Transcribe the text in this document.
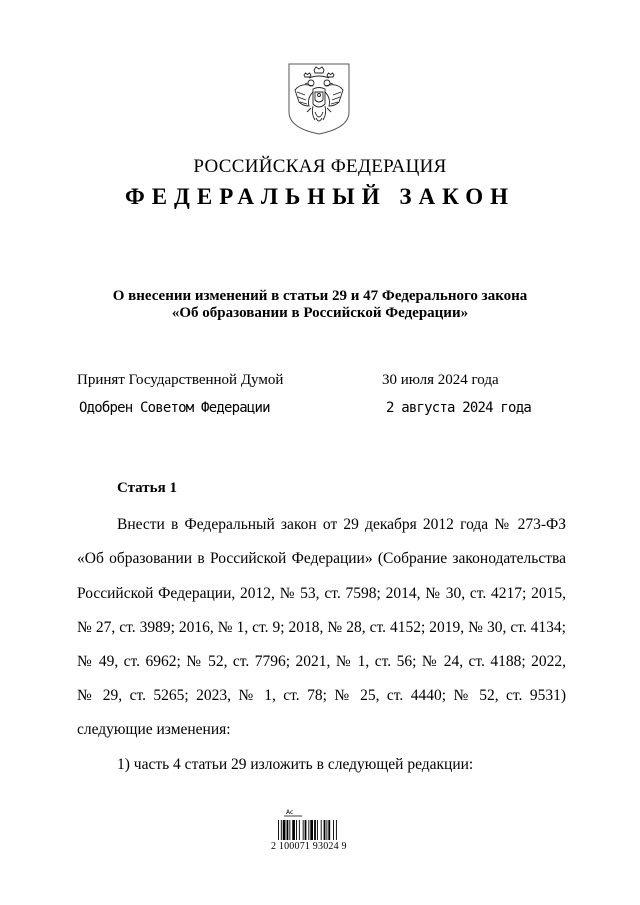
РОССИЙСКАЯ ФЕДЕРАЦИЯ
ФЕДЕРАЛЬНЫЙ ЗАКОН
О внесении изменений в статьи 29 и 47 Федерального закона
«Об образовании в Российской Федерации»
Принят Государственной Думой	30 июля 2024 года
Одобрен Советом Федерации	2 августа 2024 года
Статья 1
Внести в Федеральный закон от 29 декабря 2012 года № 273-ФЗ
«Об образовании в Российской Федерации» (Собрание законодательства
Российской Федерации, 2012, № 53, ст. 7598; 2014, № 30, ст. 4217; 2015,
№ 27, ст. 3989; 2016, № 1, ст. 9; 2018, № 28, ст. 4152; 2019, № 30, ст. 4134;
№ 49, ст. 6962; № 52, ст. 7796; 2021, № 1, ст. 56; № 24, ст. 4188; 2022,
№ 29, ст. 5265; 2023, № 1, ст. 78; № 25, ст. 4440; № 52, ст. 9531)
следующие изменения:
1) часть 4 статьи 29 изложить в следующей редакции:
Ac
2 100071 93024 9
